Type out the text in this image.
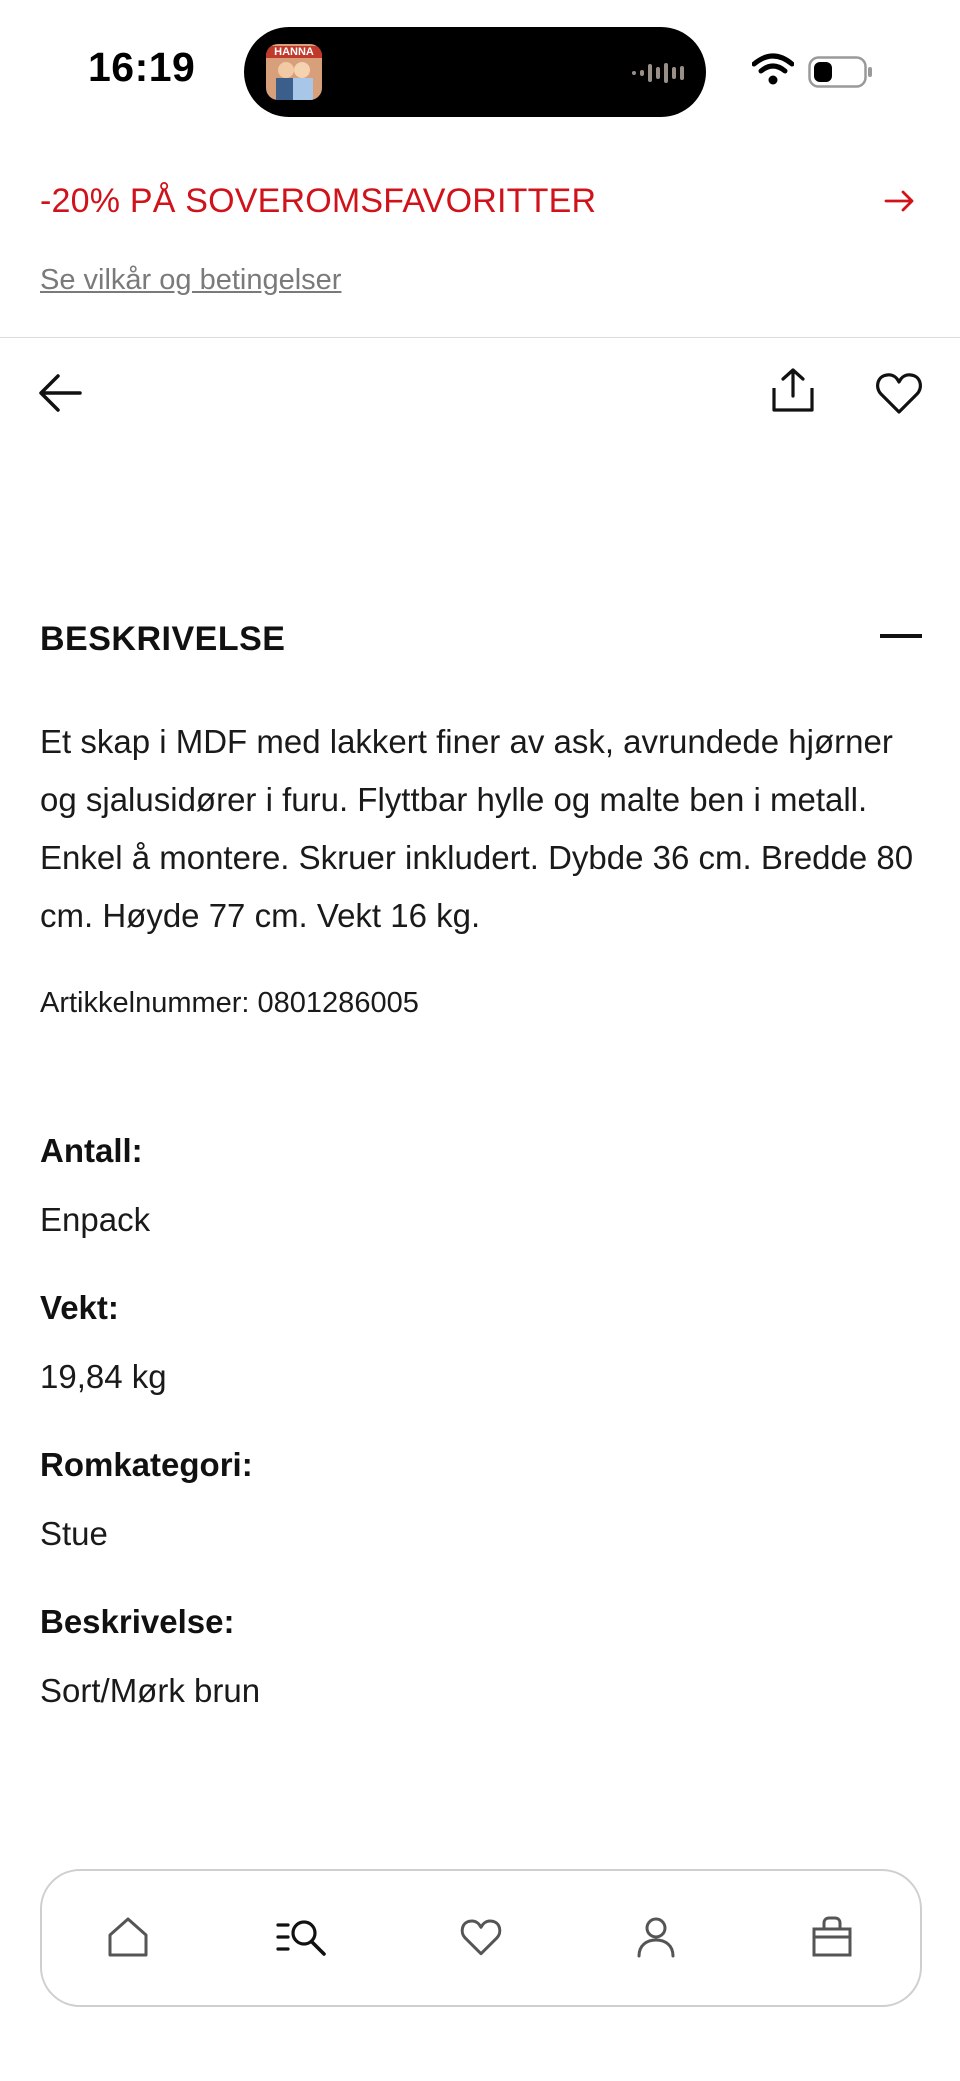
16:19	HANNA
-20% PÅ SOVEROMSFAVORITTER
Se vilkår og betingelser
BESKRIVELSE
Et skap i MDF med lakkert finer av ask, avrundede hjørner og sjalusidører i furu. Flyttbar hylle og malte ben i metall. Enkel å montere. Skruer inkludert. Dybde 36 cm. Bredde 80 cm. Høyde 77 cm. Vekt 16 kg.
Artikkelnummer: 0801286005
Antall:
Enpack
Vekt:
19,84 kg
Romkategori:
Stue
Beskrivelse:
Sort/Mørk brun
